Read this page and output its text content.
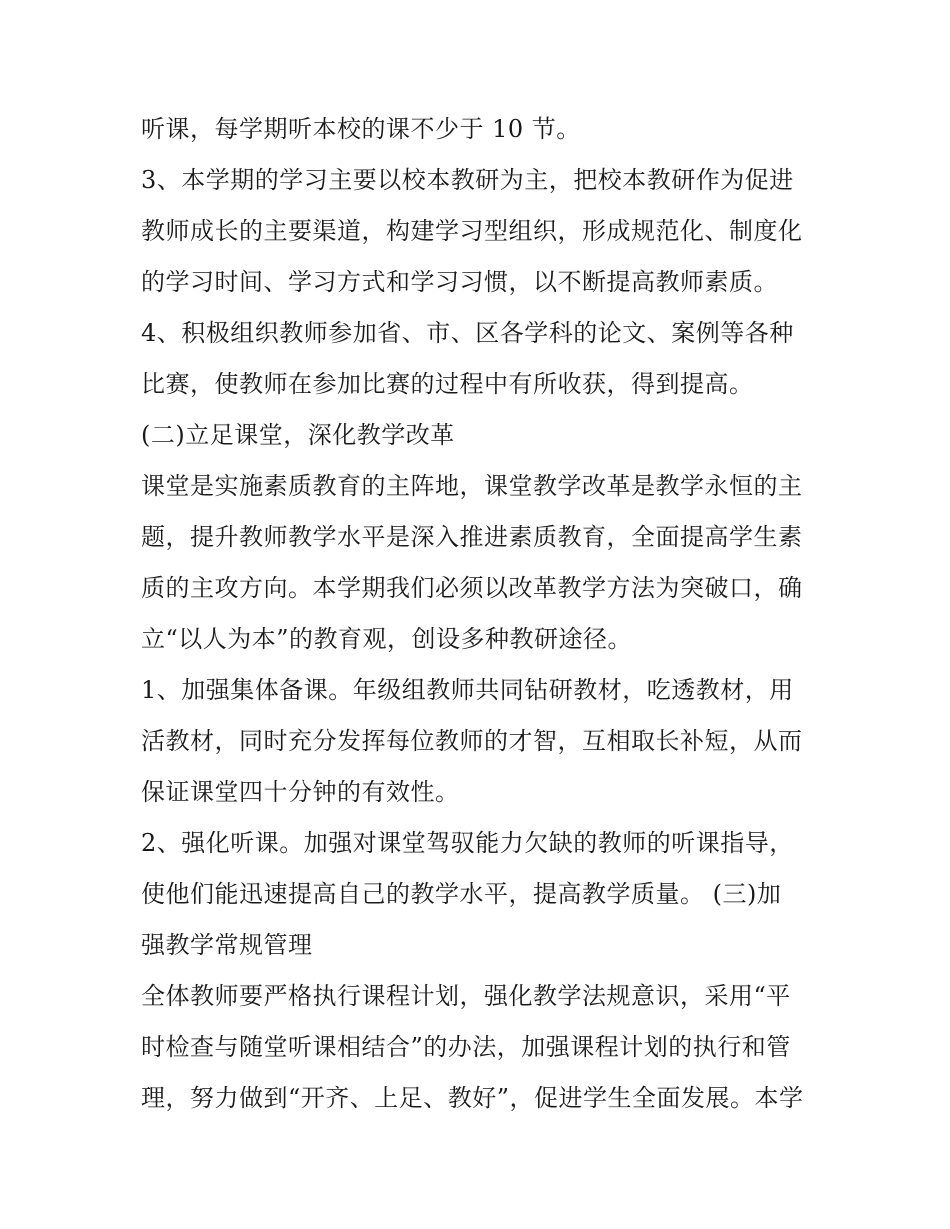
听课，每学期听本校的课不少于 10 节。
3、本学期的学习主要以校本教研为主，把校本教研作为促进
教师成长的主要渠道，构建学习型组织，形成规范化、制度化
的学习时间、学习方式和学习习惯，以不断提高教师素质。
4、积极组织教师参加省、市、区各学科的论文、案例等各种
比赛，使教师在参加比赛的过程中有所收获，得到提高。
(二)立足课堂，深化教学改革
课堂是实施素质教育的主阵地，课堂教学改革是教学永恒的主
题，提升教师教学水平是深入推进素质教育，全面提高学生素
质的主攻方向。本学期我们必须以改革教学方法为突破口，确
立“以人为本”的教育观，创设多种教研途径。
1、加强集体备课。年级组教师共同钻研教材，吃透教材，用
活教材，同时充分发挥每位教师的才智，互相取长补短，从而
保证课堂四十分钟的有效性。
2、强化听课。加强对课堂驾驭能力欠缺的教师的听课指导，
使他们能迅速提高自己的教学水平，提高教学质量。 (三)加
强教学常规管理
全体教师要严格执行课程计划，强化教学法规意识，采用“平
时检查与随堂听课相结合”的办法，加强课程计划的执行和管
理，努力做到“开齐、上足、教好”，促进学生全面发展。本学
